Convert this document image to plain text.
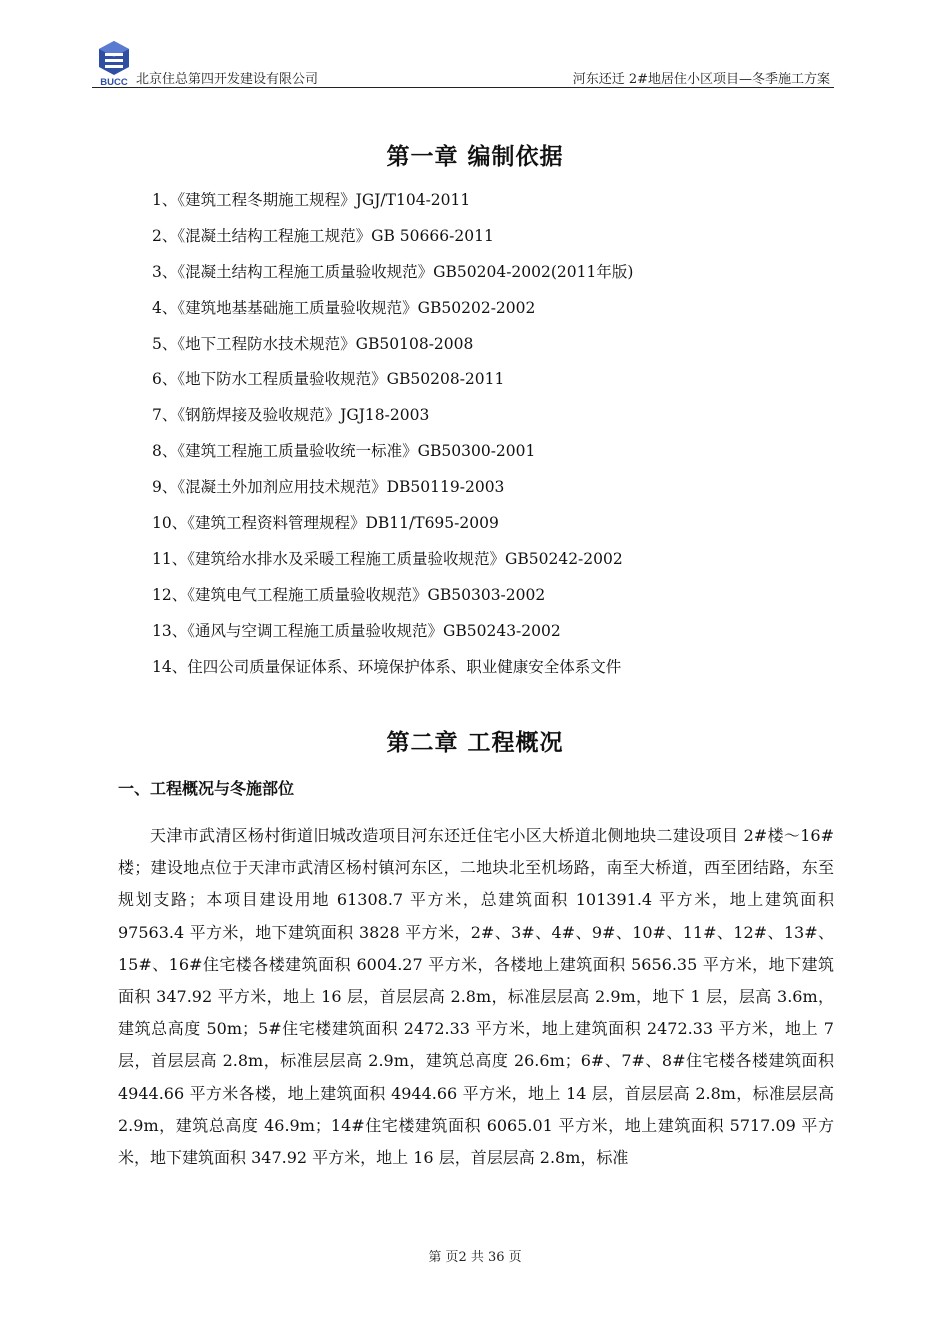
BUCC 北京住总第四开发建设有限公司	河东还迁 2#地居住小区项目—冬季施工方案
第一章 编制依据
1、《建筑工程冬期施工规程》JGJ/T104-2011
2、《混凝土结构工程施工规范》GB 50666-2011
3、《混凝土结构工程施工质量验收规范》GB50204-2002(2011年版)
4、《建筑地基基础施工质量验收规范》GB50202-2002
5、《地下工程防水技术规范》GB50108-2008
6、《地下防水工程质量验收规范》GB50208-2011
7、《钢筋焊接及验收规范》JGJ18-2003
8、《建筑工程施工质量验收统一标准》GB50300-2001
9、《混凝土外加剂应用技术规范》DB50119-2003
10、《建筑工程资料管理规程》DB11/T695-2009
11、《建筑给水排水及采暖工程施工质量验收规范》GB50242-2002
12、《建筑电气工程施工质量验收规范》GB50303-2002
13、《通风与空调工程施工质量验收规范》GB50243-2002
14、住四公司质量保证体系、环境保护体系、职业健康安全体系文件
第二章 工程概况
一、工程概况与冬施部位

天津市武清区杨村街道旧城改造项目河东还迁住宅小区大桥道北侧地块二建设项目 2#楼～16#楼；建设地点位于天津市武清区杨村镇河东区，二地块北至机场路，南至大桥道，西至团结路，东至规划支路；本项目建设用地 61308.7 平方米，总建筑面积 101391.4 平方米，地上建筑面积 97563.4 平方米，地下建筑面积 3828 平方米，2#、3#、4#、9#、10#、11#、12#、13#、15#、16#住宅楼各楼建筑面积 6004.27 平方米，各楼地上建筑面积 5656.35 平方米，地下建筑面积 347.92 平方米，地上 16 层，首层层高 2.8m，标准层层高 2.9m，地下 1 层，层高 3.6m，建筑总高度 50m；5#住宅楼建筑面积 2472.33 平方米，地上建筑面积 2472.33 平方米，地上 7 层，首层层高 2.8m，标准层层高 2.9m，建筑总高度 26.6m；6#、7#、8#住宅楼各楼建筑面积 4944.66 平方米各楼，地上建筑面积 4944.66 平方米，地上 14 层，首层层高 2.8m，标准层层高 2.9m，建筑总高度 46.9m；14#住宅楼建筑面积 6065.01 平方米，地上建筑面积 5717.09 平方米，地下建筑面积 347.92 平方米，地上 16 层，首层层高 2.8m，标准

第 页2 共 36 页
